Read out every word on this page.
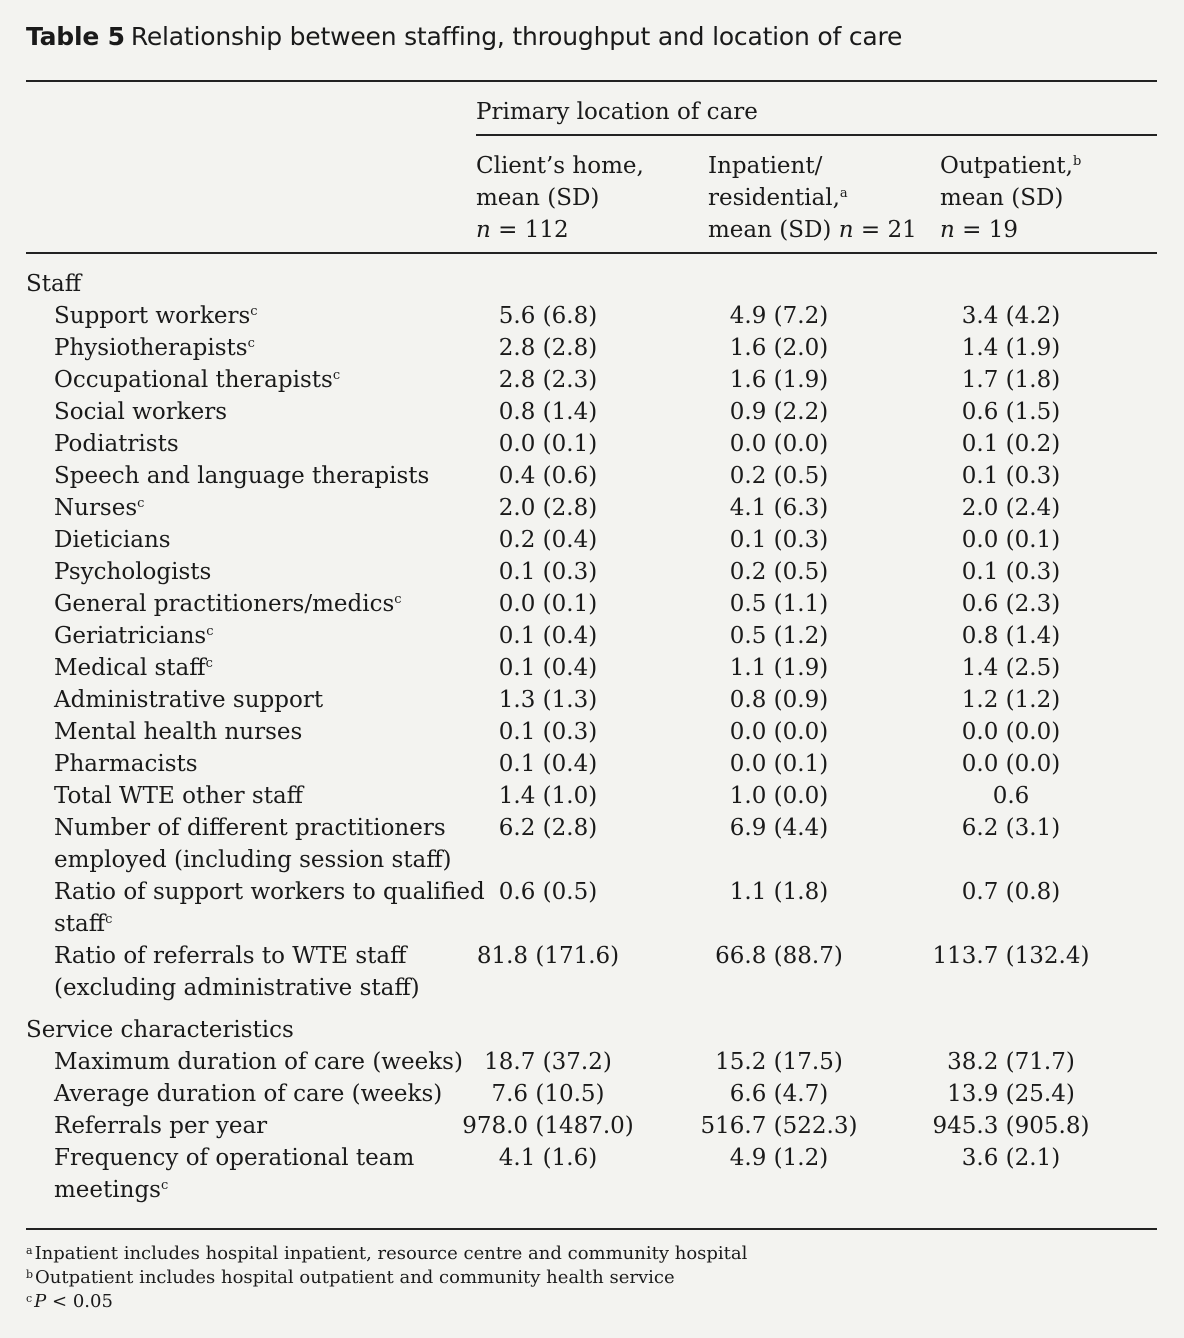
Table 5 Relationship between staffing, throughput and location of care
Primary location of care
Client’s home,
mean (SD)
n = 112
Inpatient/
residential,$^a$
mean (SD) n = 21
Outpatient,$^b$
mean (SD)
n = 19
Staff
Support workers$^c$	5.6 (6.8)	4.9 (7.2)	3.4 (4.2)
Physiotherapists$^c$	2.8 (2.8)	1.6 (2.0)	1.4 (1.9)
Occupational therapists$^c$	2.8 (2.3)	1.6 (1.9)	1.7 (1.8)
Social workers	0.8 (1.4)	0.9 (2.2)	0.6 (1.5)
Podiatrists	0.0 (0.1)	0.0 (0.0)	0.1 (0.2)
Speech and language therapists	0.4 (0.6)	0.2 (0.5)	0.1 (0.3)
Nurses$^c$	2.0 (2.8)	4.1 (6.3)	2.0 (2.4)
Dieticians	0.2 (0.4)	0.1 (0.3)	0.0 (0.1)
Psychologists	0.1 (0.3)	0.2 (0.5)	0.1 (0.3)
General practitioners/medics$^c$	0.0 (0.1)	0.5 (1.1)	0.6 (2.3)
Geriatricians$^c$	0.1 (0.4)	0.5 (1.2)	0.8 (1.4)
Medical staff$^c$	0.1 (0.4)	1.1 (1.9)	1.4 (2.5)
Administrative support	1.3 (1.3)	0.8 (0.9)	1.2 (1.2)
Mental health nurses	0.1 (0.3)	0.0 (0.0)	0.0 (0.0)
Pharmacists	0.1 (0.4)	0.0 (0.1)	0.0 (0.0)
Total WTE other staff	1.4 (1.0)	1.0 (0.0)	0.6
Number of different practitioners
employed (including session staff)
6.2 (2.8)	6.9 (4.4)	6.2 (3.1)
Ratio of support workers to qualified
staff$^c$
0.6 (0.5)	1.1 (1.8)	0.7 (0.8)
Ratio of referrals to WTE staff
(excluding administrative staff)
81.8 (171.6)	66.8 (88.7)	113.7 (132.4)
Service characteristics
Maximum duration of care (weeks) 18.7 (37.2)	15.2 (17.5)	38.2 (71.7)
Average duration of care (weeks) 7.6 (10.5)	6.6 (4.7)	13.9 (25.4)
Referrals per year	978.0 (1487.0)	516.7 (522.3)	945.3 (905.8)
Frequency of operational team
meetings$^c$
4.1 (1.6)	4.9 (1.2)	3.6 (2.1)
$^a$ Inpatient includes hospital inpatient, resource centre and community hospital
$^b$ Outpatient includes hospital outpatient and community health service
$^c$ P < 0.05
